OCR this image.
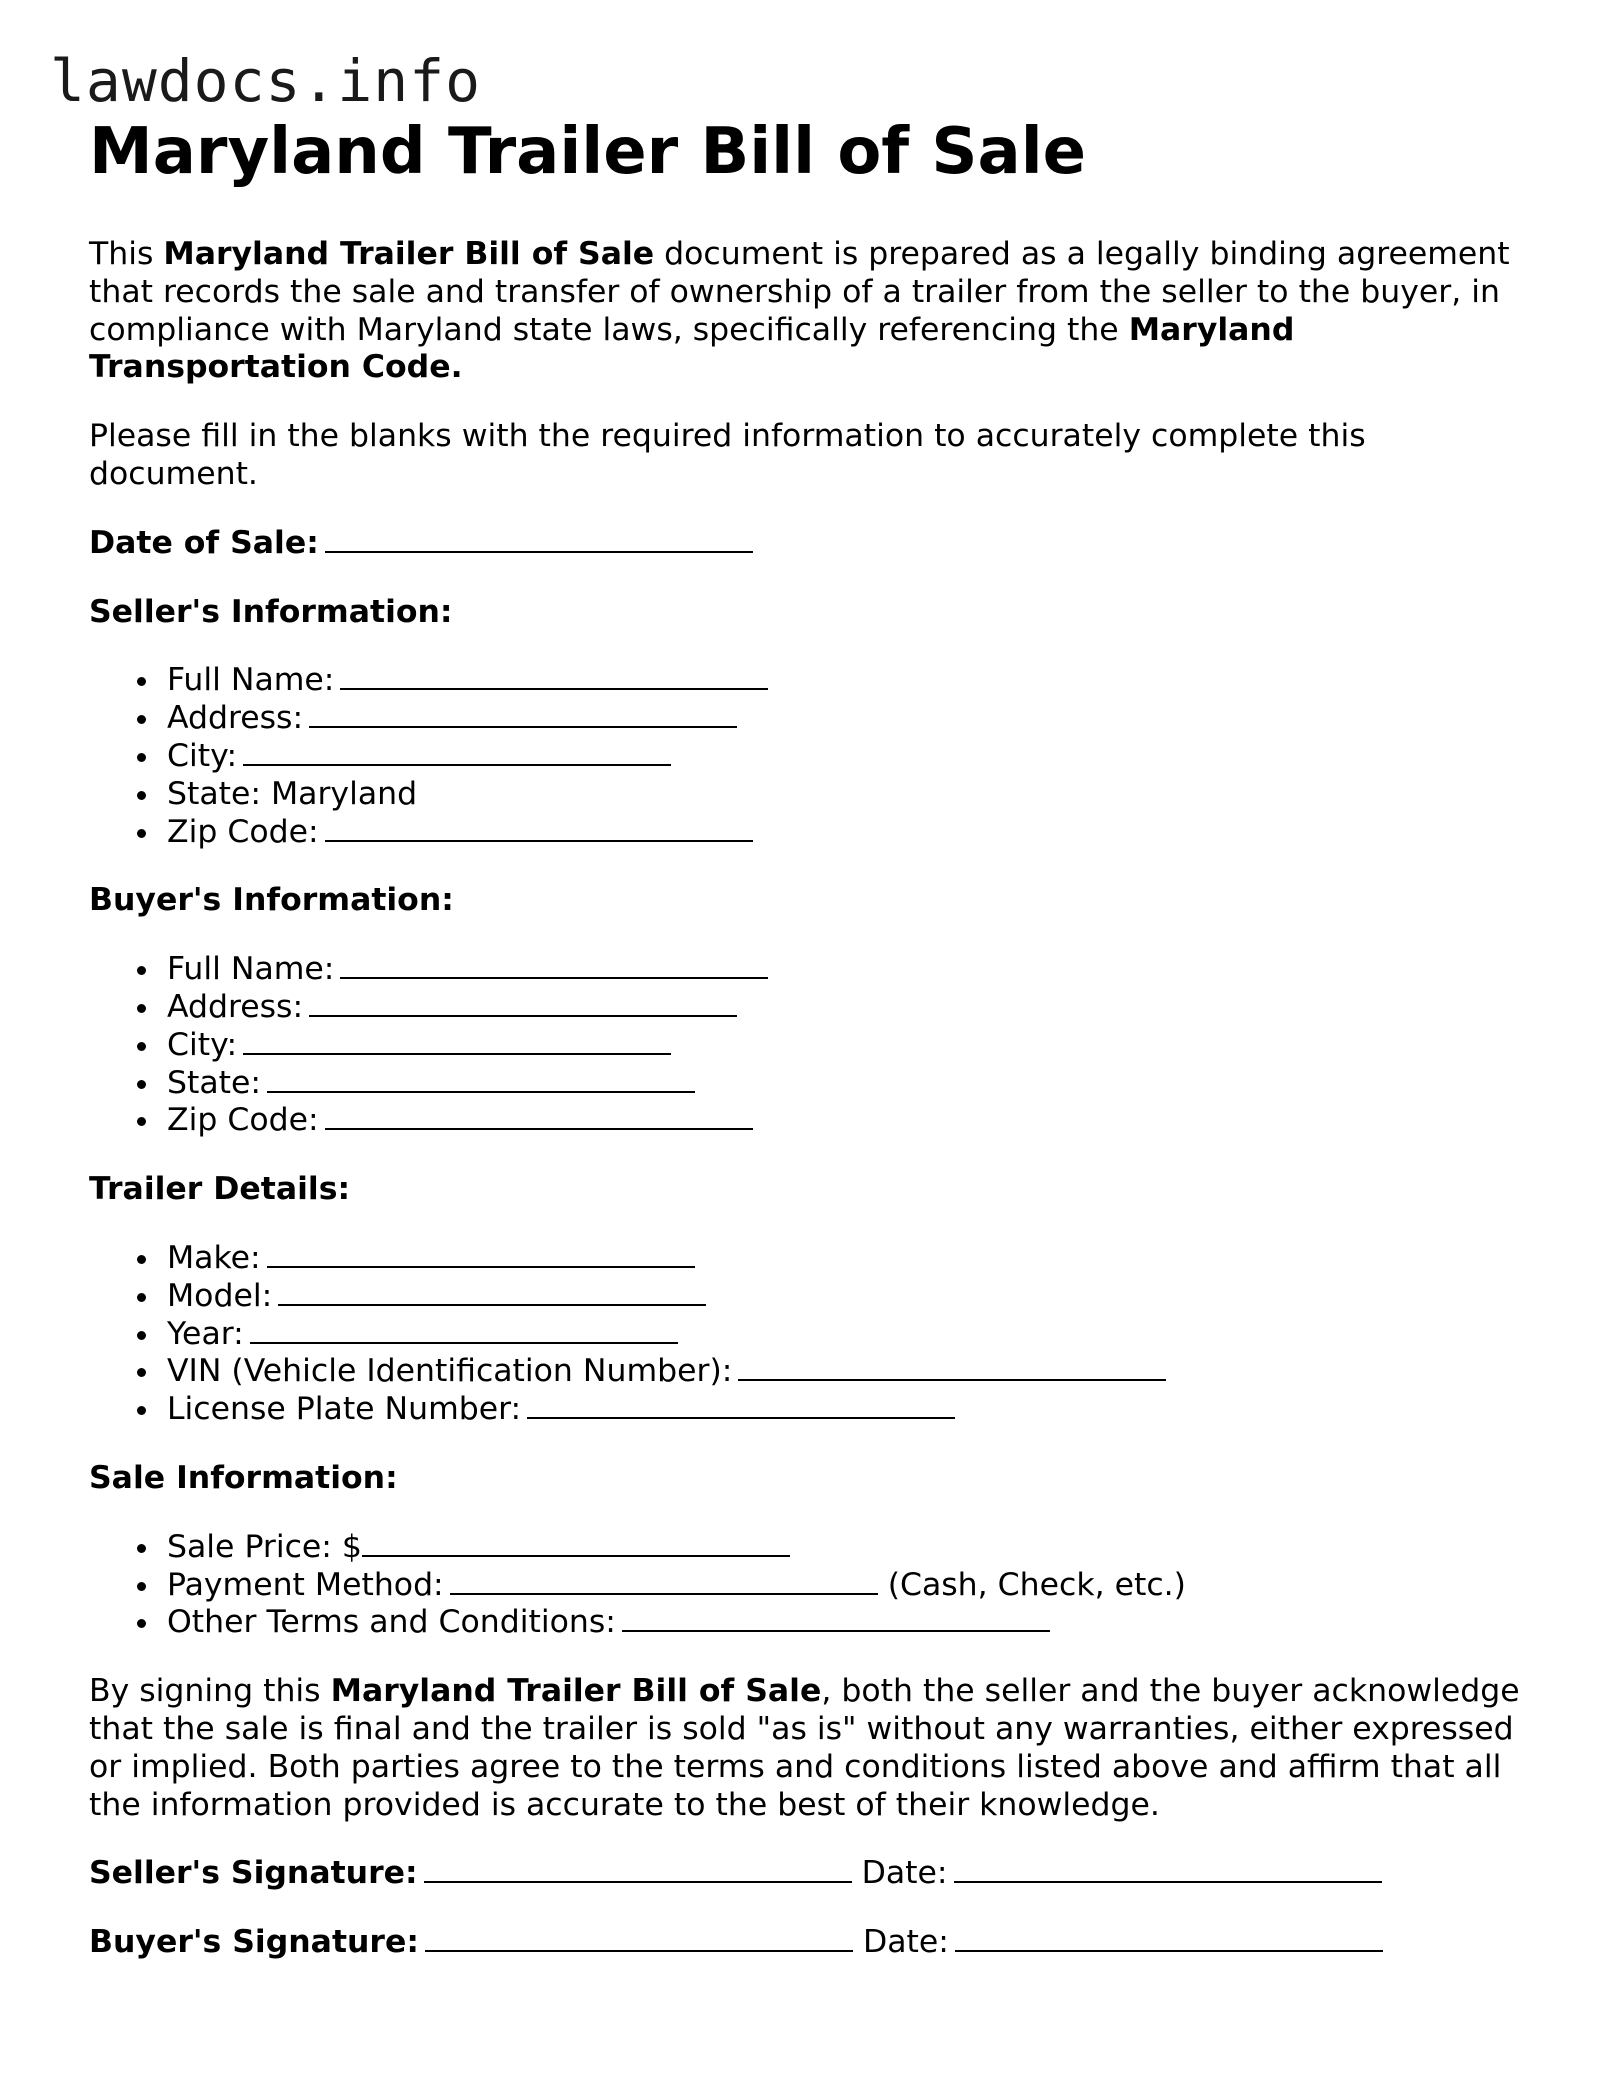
lawdocs.info
Maryland Trailer Bill of Sale

This Maryland Trailer Bill of Sale document is prepared as a legally binding agreement that records the sale and transfer of ownership of a trailer from the seller to the buyer, in compliance with Maryland state laws, specifically referencing the Maryland Transportation Code.

Please fill in the blanks with the required information to accurately complete this document.

Date of Sale:

Seller's Information:

Full Name:
Address:
City:
State: Maryland
Zip Code:

Buyer's Information:

Full Name:
Address:
City:
State:
Zip Code:

Trailer Details:

Make:
Model:
Year:
VIN (Vehicle Identification Number):
License Plate Number:

Sale Information:

Sale Price: $
Payment Method:	(Cash, Check, etc.)
Other Terms and Conditions:

By signing this Maryland Trailer Bill of Sale, both the seller and the buyer acknowledge that the sale is final and the trailer is sold "as is" without any warranties, either expressed or implied. Both parties agree to the terms and conditions listed above and affirm that all the information provided is accurate to the best of their knowledge.

Seller's Signature:	Date:

Buyer's Signature:	Date:
